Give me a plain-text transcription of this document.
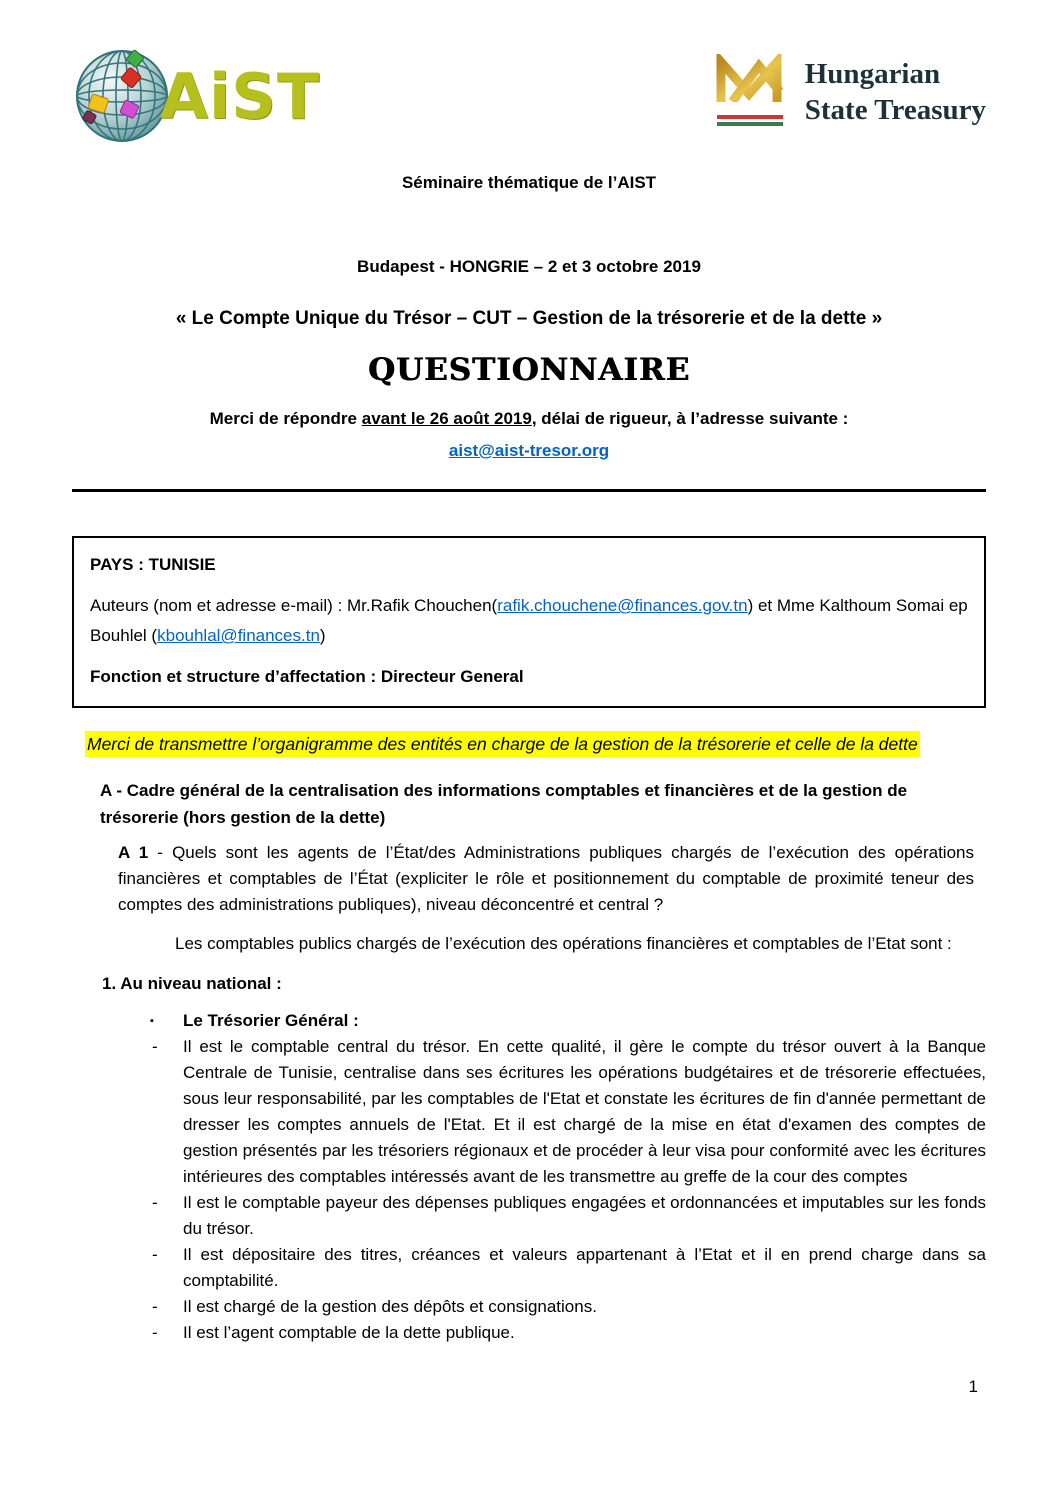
AiST	Hungarian
State Treasury
Séminaire thématique de l’AIST

Budapest - HONGRIE – 2 et 3 octobre 2019

« Le Compte Unique du Trésor – CUT – Gestion de la trésorerie et de la dette »

QUESTIONNAIRE

Merci de répondre avant le 26 août 2019, délai de rigueur, à l’adresse suivante :

aist@aist-tresor.org

PAYS : TUNISIE

Auteurs (nom et adresse e-mail) : Mr.Rafik Chouchen(rafik.chouchene@finances.gov.tn) et Mme Kalthoum Somai ep Bouhlel (kbouhlal@finances.tn)

Fonction et structure d’affectation : Directeur General

Merci de transmettre l’organigramme des entités en charge de la gestion de la trésorerie et celle de la dette

A - Cadre général de la centralisation des informations comptables et financières et de la gestion de trésorerie (hors gestion de la dette)

A 1 - Quels sont les agents de l’État/des Administrations publiques chargés de l’exécution des opérations financières et comptables de l’État (expliciter le rôle et positionnement du comptable de proximité teneur des comptes des administrations publiques), niveau déconcentré et central ?

Les comptables publics chargés de l’exécution des opérations financières et comptables de l’Etat sont :

1. Au niveau national :

▪	Le Trésorier Général :
-	Il est le comptable central du trésor. En cette qualité, il gère le compte du trésor ouvert à la Banque Centrale de Tunisie, centralise dans ses écritures les opérations budgétaires et de trésorerie effectuées, sous leur responsabilité, par les comptables de l'Etat et constate les écritures de fin d'année permettant de dresser les comptes annuels de l'Etat. Et il est chargé de la mise en état d'examen des comptes de gestion présentés par les trésoriers régionaux et de procéder à leur visa pour conformité avec les écritures intérieures des comptables intéressés avant de les transmettre au greffe de la cour des comptes

-	Il est le comptable payeur des dépenses publiques engagées et ordonnancées et imputables sur les fonds du trésor.

-	Il est dépositaire des titres, créances et valeurs appartenant à l’Etat et il en prend charge dans sa comptabilité.

-	Il est chargé de la gestion des dépôts et consignations.

-	Il est l’agent comptable de la dette publique.

1
